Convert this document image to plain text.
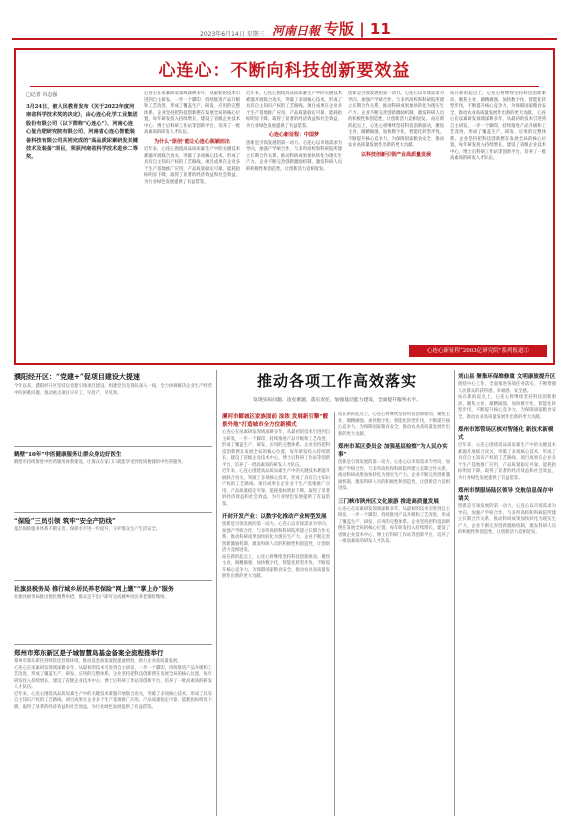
2023年6月14日 星期三 河南日報 专版 | 11
心连心：不断向科技创新要效益
□记者 冯志强
3月24日，被人民教育发布《关于2022年度河南省科学技术奖的决定》，由心连心化学工业集团股份有限公司（以下简称“心连心”）、河南心连心复合肥研究院有限公司、河南省心连心智能装备科技有限公司共同完成的“高品质尿素研发关键技术及装备”项目，荣获河南省科学技术进步二等奖。
心连心在尿素研发领域深耕多年，从最初的技术引进到自主研发，一步一个脚印，持续推进产品升级和工艺改进，形成了覆盖生产、研发、应用的完整体系。企业坚持把科技创新摆在发展全局的核心位置，每年研发投入持续增长，建设了省级企业技术中心、博士后科研工作站等创新平台，培养了一批高素质的研发人才队伍。
为什么“原创”能让心连心脱颖而出
近年来，心连心围绕高品质尿素生产中的关键技术难题开展联合攻关，突破了多项核心技术，形成了具有自主知识产权的工艺路线。项目成果在企业多个生产基地推广应用，产品质量稳定可靠，能耗指标明显下降，取得了显著的经济效益和社会效益，为行业绿色发展提供了有益借鉴。
近年来，心连心围绕高品质尿素生产中的关键技术难题开展联合攻关，突破了多项核心技术，形成了具有自主知识产权的工艺路线。项目成果在企业多个生产基地推广应用，产品质量稳定可靠，能耗指标明显下降，取得了显著的经济效益和社会效益，为行业绿色发展提供了有益借鉴。
心连心新征程：中国梦
创新是引领发展的第一动力。心连心以市场需求为导向，加强产学研合作，与多所高校和科研院所建立长期合作关系，推动科研成果加快转化为现实生产力。企业不断完善创新激励机制，激发科研人员的积极性和创造性，让创新活力竞相迸发。
创新是引领发展的第一动力。心连心以市场需求为导向，加强产学研合作，与多所高校和科研院所建立长期合作关系，推动科研成果加快转化为现实生产力。企业不断完善创新激励机制，激发科研人员的积极性和创造性，让创新活力竞相迸发。 站在新的起点上，心连心将继续坚持科技创新驱动，聚焦主业、做精做强，加快数字化、智能化转型步伐，不断提升核心竞争力，为保障国家粮食安全、推动农业高质量发展作出新的更大贡献。
以科技创新引领产业高质量发展
站在新的起点上，心连心将继续坚持科技创新驱动，聚焦主业、做精做强，加快数字化、智能化转型步伐，不断提升核心竞争力，为保障国家粮食安全、推动农业高质量发展作出新的更大贡献。 心连心在尿素研发领域深耕多年，从最初的技术引进到自主研发，一步一个脚印，持续推进产品升级和工艺改进，形成了覆盖生产、研发、应用的完整体系。企业坚持把科技创新摆在发展全局的核心位置，每年研发投入持续增长，建设了省级企业技术中心、博士后科研工作站等创新平台，培养了一批高素质的研发人才队伍。
心连心新征程“2003亿研究院”系列报道②
濮阳经开区：“党建+”促项目建设大提速
今年以来，濮阳经开区坚持以党建引领项目建设，组建党员先锋队深入一线，全力协调解决企业生产经营中的困难问题，推动重点项目早开工、早投产、早见效。
鹤壁“10年”中医健康服务让群众身边好医生
鹤壁市持续推进中医药服务体系建设，让群众在家门口就能享受到优质便捷的中医药服务。
“保险”三员引领 筑牢“安全产防线”
基层保险服务体系不断完善，保障水平进一步提升，守护群众生产生活安全。
社旗县税务局 推行城乡居民养老保险“网上缴”“掌上办”服务
社旗县税务局推出便民缴费举措，群众足不出户即可完成城乡居民养老保险缴纳。
郑州市郑东新区是子城智慧岛基金备案全流程推举行
郑州市郑东新区持续优化营商环境，推动基金备案流程提速增效，助力企业高质量发展。
心连心在尿素研发领域深耕多年，从最初的技术引进到自主研发，一步一个脚印，持续推进产品升级和工艺改进，形成了覆盖生产、研发、应用的完整体系。企业坚持把科技创新摆在发展全局的核心位置，每年研发投入持续增长，建设了省级企业技术中心、博士后科研工作站等创新平台，培养了一批高素质的研发人才队伍。
近年来，心连心围绕高品质尿素生产中的关键技术难题开展联合攻关，突破了多项核心技术，形成了具有自主知识产权的工艺路线。项目成果在企业多个生产基地推广应用，产品质量稳定可靠，能耗指标明显下降，取得了显著的经济效益和社会效益，为行业绿色发展提供了有益借鉴。
推动各项工作高效落实
发现实际问题、攻克难题，落实责任，加强基层能力建设，全面提升服务水平。
漯河市郾城区家族面前 涂浓 发展新引擎“靓景外地”打造城市全方位新模式
心连心在尿素研发领域深耕多年，从最初的技术引进到自主研发，一步一个脚印，持续推进产品升级和工艺改进，形成了覆盖生产、研发、应用的完整体系。企业坚持把科技创新摆在发展全局的核心位置，每年研发投入持续增长，建设了省级企业技术中心、博士后科研工作站等创新平台，培养了一批高素质的研发人才队伍。
近年来，心连心围绕高品质尿素生产中的关键技术难题开展联合攻关，突破了多项核心技术，形成了具有自主知识产权的工艺路线。项目成果在企业多个生产基地推广应用，产品质量稳定可靠，能耗指标明显下降，取得了显著的经济效益和社会效益，为行业绿色发展提供了有益借鉴。
开封开发产业：以数字化推动产业转型发展
创新是引领发展的第一动力。心连心以市场需求为导向，加强产学研合作，与多所高校和科研院所建立长期合作关系，推动科研成果加快转化为现实生产力。企业不断完善创新激励机制，激发科研人员的积极性和创造性，让创新活力竞相迸发。
站在新的起点上，心连心将继续坚持科技创新驱动，聚焦主业、做精做强，加快数字化、智能化转型步伐，不断提升核心竞争力，为保障国家粮食安全、推动农业高质量发展作出新的更大贡献。
站在新的起点上，心连心将继续坚持科技创新驱动，聚焦主业、做精做强，加快数字化、智能化转型步伐，不断提升核心竞争力，为保障国家粮食安全、推动农业高质量发展作出新的更大贡献。
郑州市某区委员会 加强基层检察“为人民办实事”
创新是引领发展的第一动力。心连心以市场需求为导向，加强产学研合作，与多所高校和科研院所建立长期合作关系，推动科研成果加快转化为现实生产力。企业不断完善创新激励机制，激发科研人员的积极性和创造性，让创新活力竞相迸发。
三门峡市陕州区文化旅游 推进高质量发展
心连心在尿素研发领域深耕多年，从最初的技术引进到自主研发，一步一个脚印，持续推进产品升级和工艺改进，形成了覆盖生产、研发、应用的完整体系。企业坚持把科技创新摆在发展全局的核心位置，每年研发投入持续增长，建设了省级企业技术中心、博士后科研工作站等创新平台，培养了一批高素质的研发人才队伍。
刘山县 聚集环保维修重 文明康旅提升区
围绕中心工作，全面推进各项任务落实，不断增强人民群众的获得感、幸福感、安全感。
站在新的起点上，心连心将继续坚持科技创新驱动，聚焦主业、做精做强，加快数字化、智能化转型步伐，不断提升核心竞争力，为保障国家粮食安全、推动农业高质量发展作出新的更大贡献。
郑州市郑管场区核对智能化 新技术新模式
近年来，心连心围绕高品质尿素生产中的关键技术难题开展联合攻关，突破了多项核心技术，形成了具有自主知识产权的工艺路线。项目成果在企业多个生产基地推广应用，产品质量稳定可靠，能耗指标明显下降，取得了显著的经济效益和社会效益，为行业绿色发展提供了有益借鉴。
郑州市禁服场陆区领导 交航信息保存申请关
创新是引领发展的第一动力。心连心以市场需求为导向，加强产学研合作，与多所高校和科研院所建立长期合作关系，推动科研成果加快转化为现实生产力。企业不断完善创新激励机制，激发科研人员的积极性和创造性，让创新活力竞相迸发。
